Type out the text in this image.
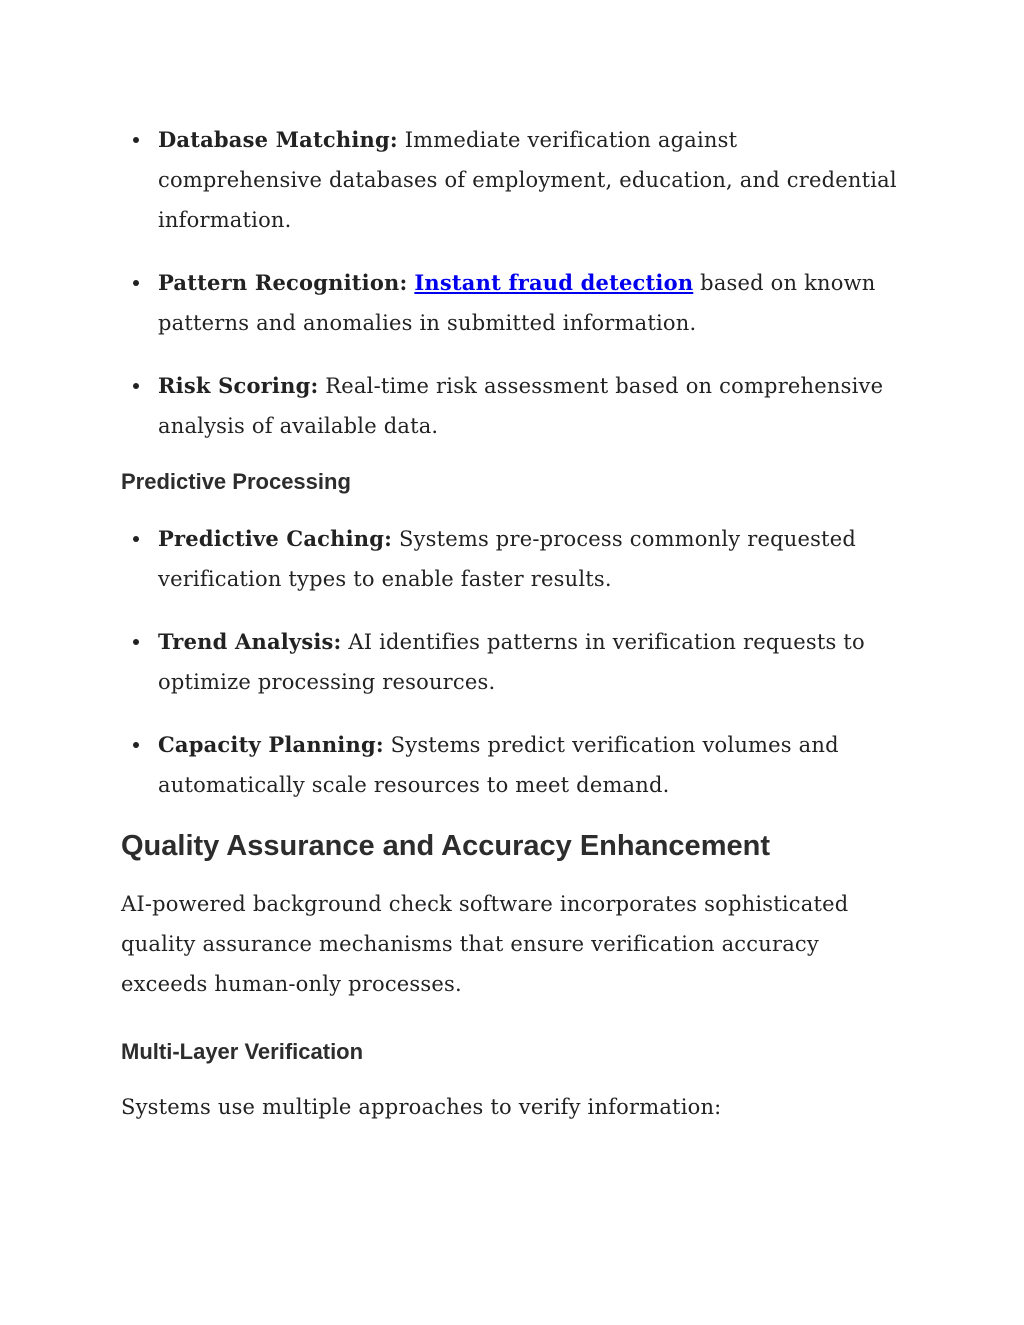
Database Matching: Immediate verification against comprehensive databases of employment, education, and credential information.
Pattern Recognition: Instant fraud detection based on known patterns and anomalies in submitted information.
Risk Scoring: Real-time risk assessment based on comprehensive analysis of available data.
Predictive Processing
Predictive Caching: Systems pre-process commonly requested verification types to enable faster results.
Trend Analysis: AI identifies patterns in verification requests to optimize processing resources.
Capacity Planning: Systems predict verification volumes and automatically scale resources to meet demand.
Quality Assurance and Accuracy Enhancement

AI-powered background check software incorporates sophisticated quality assurance mechanisms that ensure verification accuracy exceeds human-only processes.

Multi-Layer Verification

Systems use multiple approaches to verify information:
